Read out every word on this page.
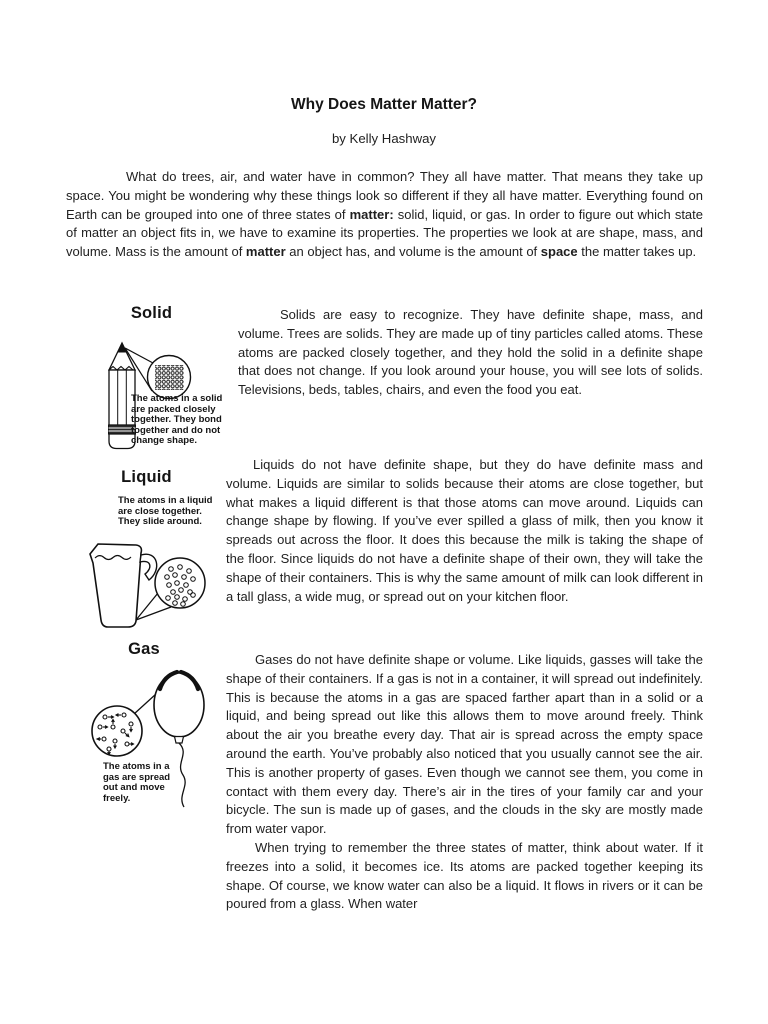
Why Does Matter Matter?
by Kelly Hashway

What do trees, air, and water have in common? They all have matter. That means they take up space. You might be wondering why these things look so different if they all have matter. Everything found on Earth can be grouped into one of three states of matter: solid, liquid, or gas. In order to figure out which state of matter an object fits in, we have to examine its properties. The properties we look at are shape, mass, and volume. Mass is the amount of matter an object has, and volume is the amount of space the matter takes up.

Solid	Solids are easy to recognize. They have definite shape, mass, and volume. Trees are solids. They are made up of tiny particles called atoms. These atoms are packed closely together, and they hold the solid in a definite shape that does not change. If you look around your house, you will see lots of solids. Televisions, beds, tables, chairs, and even the food you eat.

The atoms in a solid are packed closely together. They bond together and do not change shape.
Liquid
The atoms in a liquid are close together. They slide around.

Liquids do not have definite shape, but they do have definite mass and volume. Liquids are similar to solids because their atoms are close together, but what makes a liquid different is that those atoms can move around. Liquids can change shape by flowing. If you’ve ever spilled a glass of milk, then you know it spreads out across the floor. It does this because the milk is taking the shape of the floor. Since liquids do not have a definite shape of their own, they will take the shape of their containers. This is why the same amount of milk can look different in a tall glass, a wide mug, or spread out on your kitchen floor.

Gas

Gases do not have definite shape or volume. Like liquids, gasses will take the shape of their containers. If a gas is not in a container, it will spread out indefinitely. This is because the atoms in a gas are spaced farther apart than in a solid or a liquid, and being spread out like this allows them to move around freely. Think about the air you breathe every day. That air is spread across the empty space around the earth. You’ve probably also noticed that you usually cannot see the air. This is another property of gases. Even though we cannot see them, you come in contact with them every day. There’s air in the tires of your family car and your bicycle. The sun is made up of gases, and the clouds in the sky are mostly made from water vapor.

When trying to remember the three states of matter, think about water. If it freezes into a solid, it becomes ice. Its atoms are packed together keeping its shape. Of course, we know water can also be a liquid. It flows in rivers or it can be poured from a glass. When water

The atoms in a gas are spread out and move freely.
